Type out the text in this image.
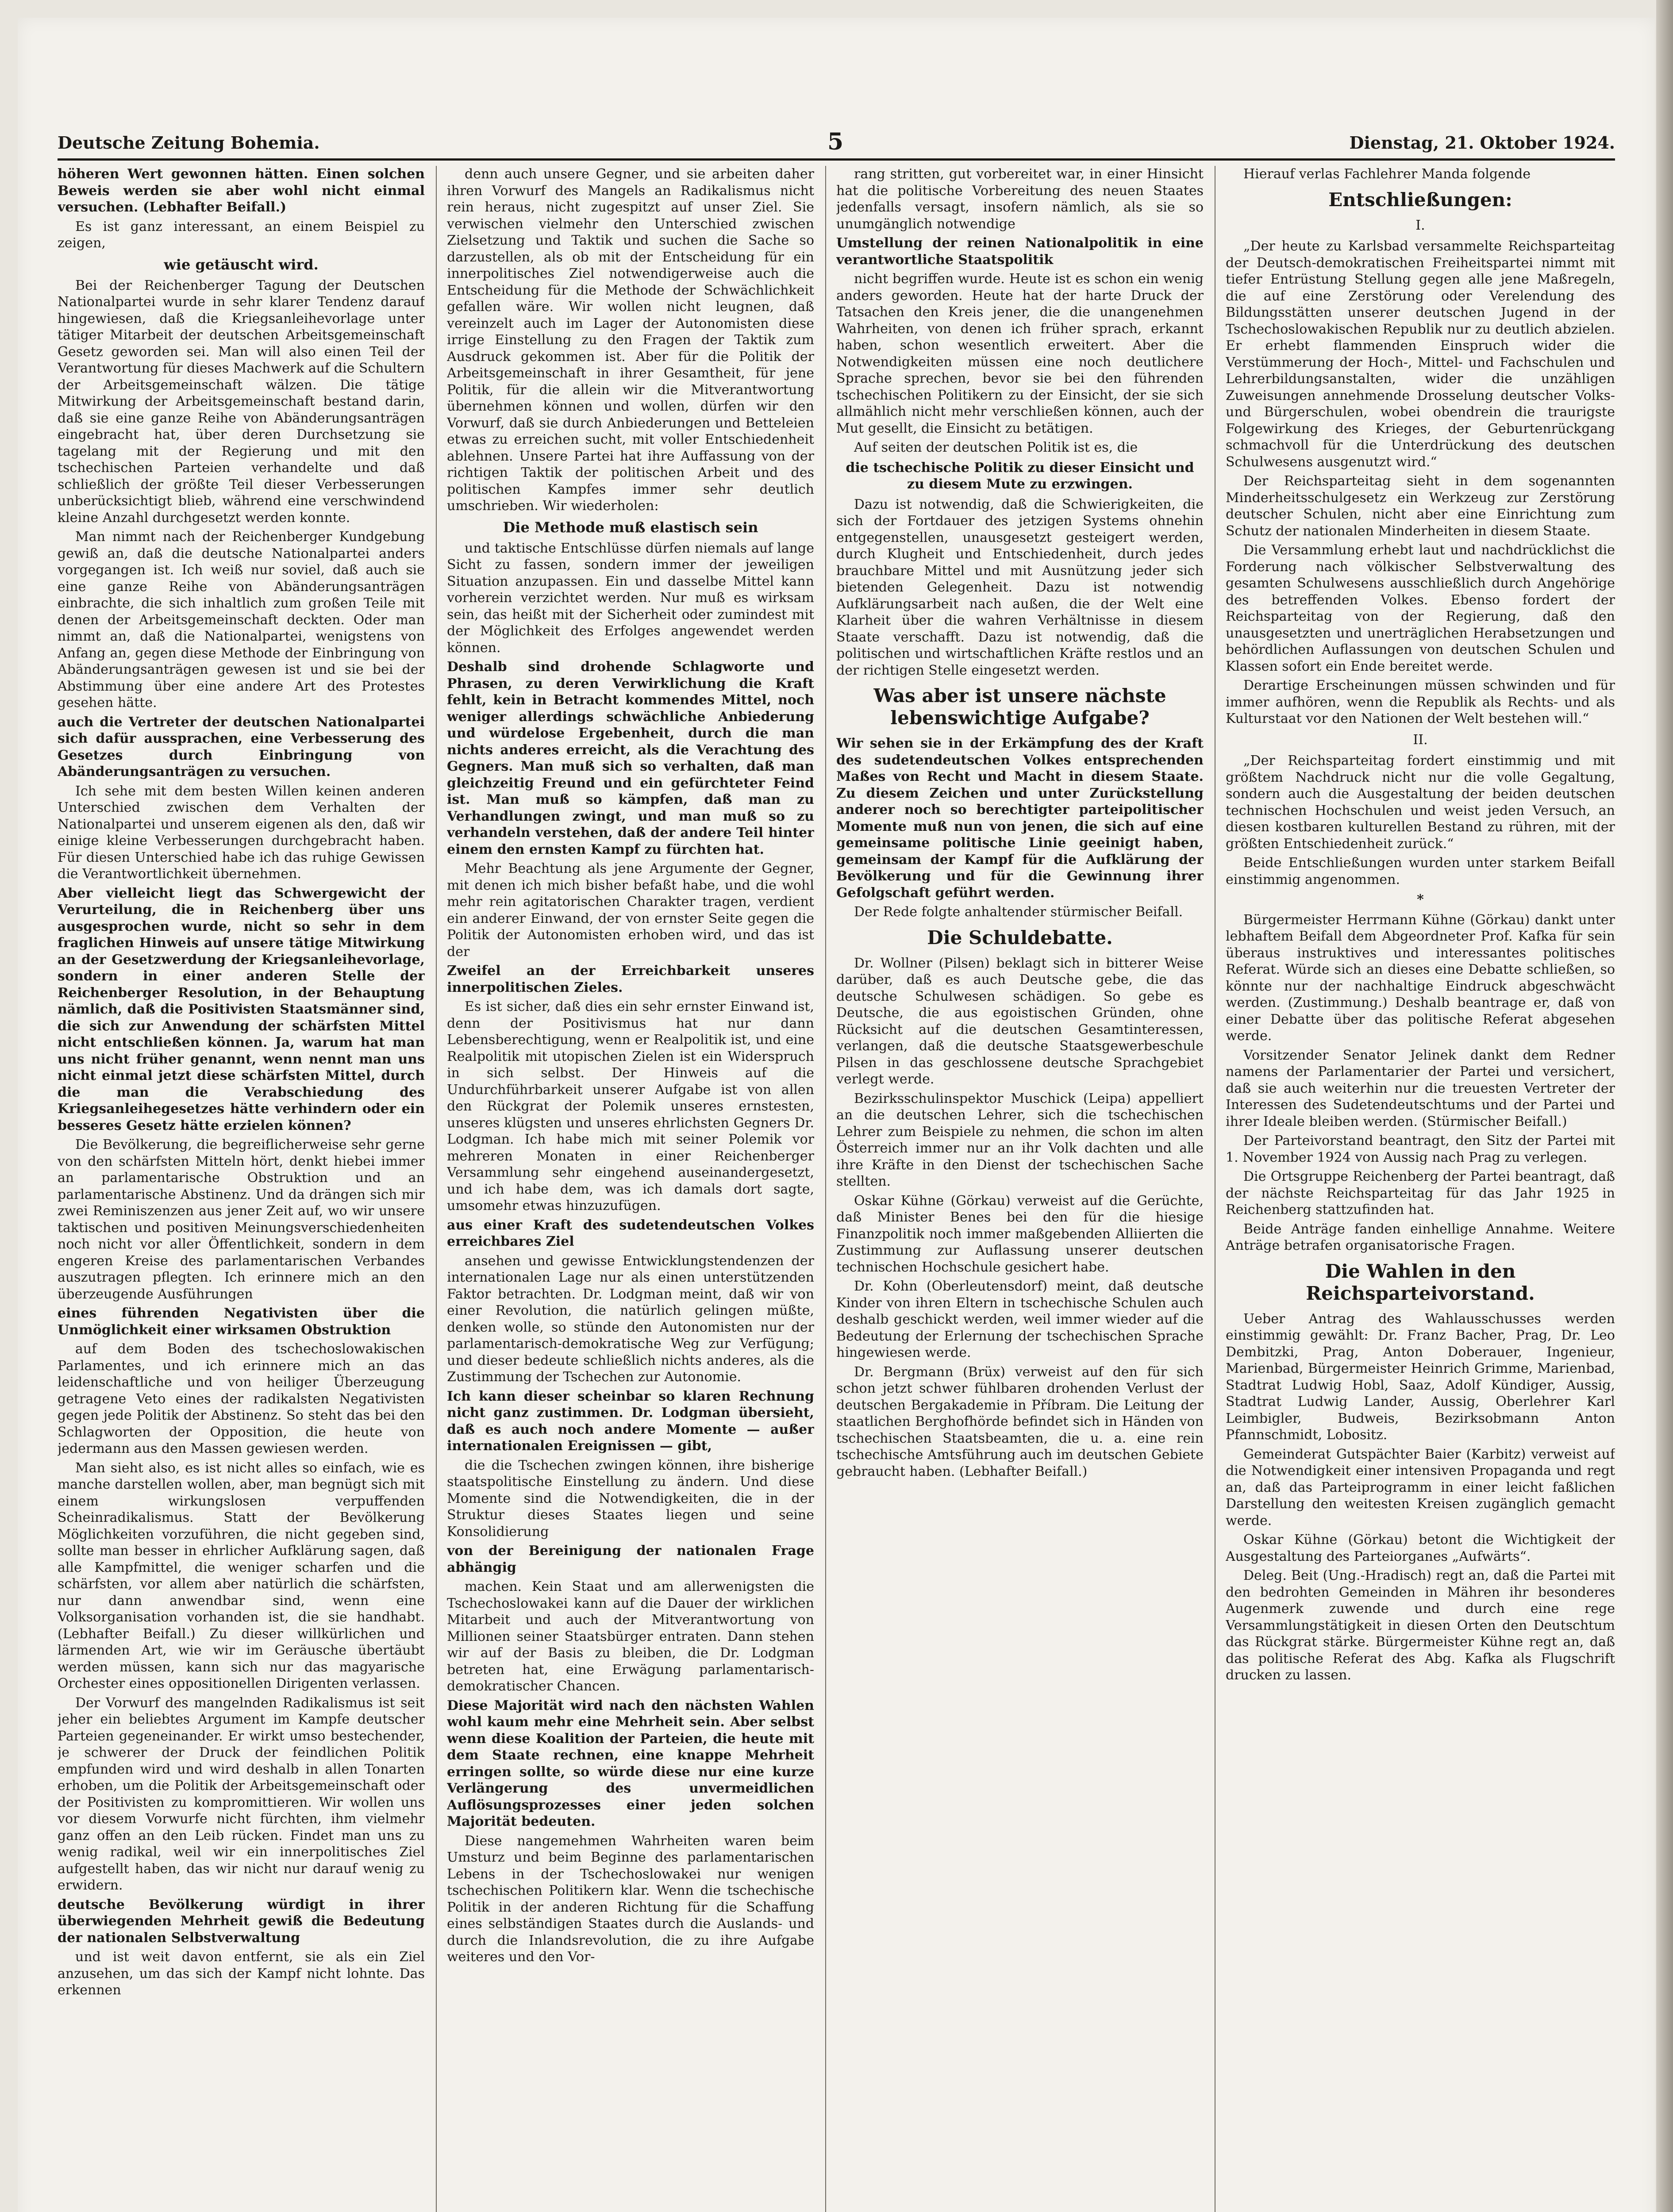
Deutsche Zeitung Bohemia.	5	Dienstag, 21. Oktober 1924.

höheren Wert gewonnen hätten. Einen solchen Beweis werden sie aber wohl nicht einmal versuchen. (Lebhafter Beifall.)

Es ist ganz interessant, an einem Beispiel zu zeigen,

wie getäuscht wird.

Bei der Reichenberger Tagung der Deutschen Nationalpartei wurde in sehr klarer Tendenz darauf hingewiesen, daß die Kriegsanleihevorlage unter tätiger Mitarbeit der deutschen Arbeitsgemeinschaft Gesetz geworden sei. Man will also einen Teil der Verantwortung für dieses Machwerk auf die Schultern der Arbeitsgemeinschaft wälzen. Die tätige Mitwirkung der Arbeitsgemeinschaft bestand darin, daß sie eine ganze Reihe von Abänderungsanträgen eingebracht hat, über deren Durchsetzung sie tagelang mit der Regierung und mit den tschechischen Parteien verhandelte und daß schließlich der größte Teil dieser Verbesserungen unberücksichtigt blieb, während eine verschwindend kleine Anzahl durchgesetzt werden konnte.

Man nimmt nach der Reichenberger Kundgebung gewiß an, daß die deutsche Nationalpartei anders vorgegangen ist. Ich weiß nur soviel, daß auch sie eine ganze Reihe von Abänderungsanträgen einbrachte, die sich inhaltlich zum großen Teile mit denen der Arbeitsgemeinschaft deckten. Oder man nimmt an, daß die Nationalpartei, wenigstens von Anfang an, gegen diese Methode der Einbringung von Abänderungsanträgen gewesen ist und sie bei der Abstimmung über eine andere Art des Protestes gesehen hätte.

auch die Vertreter der deutschen Nationalpartei sich dafür aussprachen, eine Verbesserung des Gesetzes durch Einbringung von Abänderungsanträgen zu versuchen.

Ich sehe mit dem besten Willen keinen anderen Unterschied zwischen dem Verhalten der Nationalpartei und unserem eigenen als den, daß wir einige kleine Verbesserungen durchgebracht haben. Für diesen Unterschied habe ich das ruhige Gewissen die Verantwortlichkeit übernehmen.

Aber vielleicht liegt das Schwergewicht der Verurteilung, die in Reichenberg über uns ausgesprochen wurde, nicht so sehr in dem fraglichen Hinweis auf unsere tätige Mitwirkung an der Gesetzwerdung der Kriegsanleihevorlage, sondern in einer anderen Stelle der Reichenberger Resolution, in der Behauptung nämlich, daß die Positivisten Staatsmänner sind, die sich zur Anwendung der schärfsten Mittel nicht entschließen können. Ja, warum hat man uns nicht früher genannt, wenn nennt man uns nicht einmal jetzt diese schärfsten Mittel, durch die man die Verabschiedung des Kriegsanleihegesetzes hätte verhindern oder ein besseres Gesetz hätte erzielen können?

Die Bevölkerung, die begreiflicherweise sehr gerne von den schärfsten Mitteln hört, denkt hiebei immer an parlamentarische Obstruktion und an parlamentarische Abstinenz. Und da drängen sich mir zwei Reminiszenzen aus jener Zeit auf, wo wir unsere taktischen und positiven Meinungsverschiedenheiten noch nicht vor aller Öffentlichkeit, sondern in dem engeren Kreise des parlamentarischen Verbandes auszutragen pflegten. Ich erinnere mich an den überzeugende Ausführungen

eines führenden Negativisten über die Unmöglichkeit einer wirksamen Obstruktion

auf dem Boden des tschechoslowakischen Parlamentes, und ich erinnere mich an das leidenschaftliche und von heiliger Überzeugung getragene Veto eines der radikalsten Negativisten gegen jede Politik der Abstinenz. So steht das bei den Schlagworten der Opposition, die heute von jedermann aus den Massen gewiesen werden.

Man sieht also, es ist nicht alles so einfach, wie es manche darstellen wollen, aber, man begnügt sich mit einem wirkungslosen verpuffenden Scheinradikalismus. Statt der Bevölkerung Möglichkeiten vorzuführen, die nicht gegeben sind, sollte man besser in ehrlicher Aufklärung sagen, daß alle Kampfmittel, die weniger scharfen und die schärfsten, vor allem aber natürlich die schärfsten, nur dann anwendbar sind, wenn eine Volksorganisation vorhanden ist, die sie handhabt. (Lebhafter Beifall.) Zu dieser willkürlichen und lärmenden Art, wie wir im Geräusche übertäubt werden müssen, kann sich nur das magyarische Orchester eines oppositionellen Dirigenten verlassen.

Der Vorwurf des mangelnden Radikalismus ist seit jeher ein beliebtes Argument im Kampfe deutscher Parteien gegeneinander. Er wirkt umso bestechender, je schwerer der Druck der feindlichen Politik empfunden wird und wird deshalb in allen Tonarten erhoben, um die Politik der Arbeitsgemeinschaft oder der Positivisten zu kompromittieren. Wir wollen uns vor diesem Vorwurfe nicht fürchten, ihm vielmehr ganz offen an den Leib rücken. Findet man uns zu wenig radikal, weil wir ein innerpolitisches Ziel aufgestellt haben, das wir nicht nur darauf wenig zu erwidern.

deutsche Bevölkerung würdigt in ihrer überwiegenden Mehrheit gewiß die Bedeutung der nationalen Selbstverwaltung

und ist weit davon entfernt, sie als ein Ziel anzusehen, um das sich der Kampf nicht lohnte. Das erkennen

denn auch unsere Gegner, und sie arbeiten daher ihren Vorwurf des Mangels an Radikalismus nicht rein heraus, nicht zugespitzt auf unser Ziel. Sie verwischen vielmehr den Unterschied zwischen Zielsetzung und Taktik und suchen die Sache so darzustellen, als ob mit der Entscheidung für ein innerpolitisches Ziel notwendigerweise auch die Entscheidung für die Methode der Schwächlichkeit gefallen wäre. Wir wollen nicht leugnen, daß vereinzelt auch im Lager der Autonomisten diese irrige Einstellung zu den Fragen der Taktik zum Ausdruck gekommen ist. Aber für die Politik der Arbeitsgemeinschaft in ihrer Gesamtheit, für jene Politik, für die allein wir die Mitverantwortung übernehmen können und wollen, dürfen wir den Vorwurf, daß sie durch Anbiederungen und Betteleien etwas zu erreichen sucht, mit voller Entschiedenheit ablehnen. Unsere Partei hat ihre Auffassung von der richtigen Taktik der politischen Arbeit und des politischen Kampfes immer sehr deutlich umschrieben. Wir wiederholen:

Die Methode muß elastisch sein

und taktische Entschlüsse dürfen niemals auf lange Sicht zu fassen, sondern immer der jeweiligen Situation anzupassen. Ein und dasselbe Mittel kann vorherein verzichtet werden. Nur muß es wirksam sein, das heißt mit der Sicherheit oder zumindest mit der Möglichkeit des Erfolges angewendet werden können.

Deshalb sind drohende Schlagworte und Phrasen, zu deren Verwirklichung die Kraft fehlt, kein in Betracht kommendes Mittel, noch weniger allerdings schwächliche Anbiederung und würdelose Ergebenheit, durch die man nichts anderes erreicht, als die Verachtung des Gegners. Man muß sich so verhalten, daß man gleichzeitig Freund und ein gefürchteter Feind ist. Man muß so kämpfen, daß man zu Verhandlungen zwingt, und man muß so zu verhandeln verstehen, daß der andere Teil hinter einem den ernsten Kampf zu fürchten hat.

Mehr Beachtung als jene Argumente der Gegner, mit denen ich mich bisher befaßt habe, und die wohl mehr rein agitatorischen Charakter tragen, verdient ein anderer Einwand, der von ernster Seite gegen die Politik der Autonomisten erhoben wird, und das ist der

Zweifel an der Erreichbarkeit unseres innerpolitischen Zieles.

Es ist sicher, daß dies ein sehr ernster Einwand ist, denn der Positivismus hat nur dann Lebensberechtigung, wenn er Realpolitik ist, und eine Realpolitik mit utopischen Zielen ist ein Widerspruch in sich selbst. Der Hinweis auf die Undurchführbarkeit unserer Aufgabe ist von allen den Rückgrat der Polemik unseres ernstesten, unseres klügsten und unseres ehrlichsten Gegners Dr. Lodgman. Ich habe mich mit seiner Polemik vor mehreren Monaten in einer Reichenberger Versammlung sehr eingehend auseinandergesetzt, und ich habe dem, was ich damals dort sagte, umsomehr etwas hinzuzufügen.

aus einer Kraft des sudetendeutschen Volkes erreichbares Ziel

ansehen und gewisse Entwicklungstendenzen der internationalen Lage nur als einen unterstützenden Faktor betrachten. Dr. Lodgman meint, daß wir von einer Revolution, die natürlich gelingen müßte, denken wolle, so stünde den Autonomisten nur der parlamentarisch-demokratische Weg zur Verfügung; und dieser bedeute schließlich nichts anderes, als die Zustimmung der Tschechen zur Autonomie.

Ich kann dieser scheinbar so klaren Rechnung nicht ganz zustimmen. Dr. Lodgman übersieht, daß es auch noch andere Momente — außer internationalen Ereignissen — gibt,

die die Tschechen zwingen können, ihre bisherige staatspolitische Einstellung zu ändern. Und diese Momente sind die Notwendigkeiten, die in der Struktur dieses Staates liegen und seine Konsolidierung

von der Bereinigung der nationalen Frage abhängig

machen. Kein Staat und am allerwenigsten die Tschechoslowakei kann auf die Dauer der wirklichen Mitarbeit und auch der Mitverantwortung von Millionen seiner Staatsbürger entraten. Dann stehen wir auf der Basis zu bleiben, die Dr. Lodgman betreten hat, eine Erwägung parlamentarisch-demokratischer Chancen.

Diese Majorität wird nach den nächsten Wahlen wohl kaum mehr eine Mehrheit sein. Aber selbst wenn diese Koalition der Parteien, die heute mit dem Staate rechnen, eine knappe Mehrheit erringen sollte, so würde diese nur eine kurze Verlängerung des unvermeidlichen Auflösungsprozesses einer jeden solchen Majorität bedeuten.

Diese nangemehmen Wahrheiten waren beim Umsturz und beim Beginne des parlamentarischen Lebens in der Tschechoslowakei nur wenigen tschechischen Politikern klar. Wenn die tschechische Politik in der anderen Richtung für die Schaffung eines selbständigen Staates durch die Auslands- und durch die Inlandsrevolution, die zu ihre Aufgabe weiteres und den Vor-

rang stritten, gut vorbereitet war, in einer Hinsicht hat die politische Vorbereitung des neuen Staates jedenfalls versagt, insofern nämlich, als sie so unumgänglich notwendige

Umstellung der reinen Nationalpolitik in eine verantwortliche Staatspolitik

nicht begriffen wurde. Heute ist es schon ein wenig anders geworden. Heute hat der harte Druck der Tatsachen den Kreis jener, die die unangenehmen Wahrheiten, von denen ich früher sprach, erkannt haben, schon wesentlich erweitert. Aber die Notwendigkeiten müssen eine noch deutlichere Sprache sprechen, bevor sie bei den führenden tschechischen Politikern zu der Einsicht, der sie sich allmählich nicht mehr verschließen können, auch der Mut gesellt, die Einsicht zu betätigen.

Auf seiten der deutschen Politik ist es, die

die tschechische Politik zu dieser Einsicht und zu diesem Mute zu erzwingen.

Dazu ist notwendig, daß die Schwierigkeiten, die sich der Fortdauer des jetzigen Systems ohnehin entgegenstellen, unausgesetzt gesteigert werden, durch Klugheit und Entschiedenheit, durch jedes brauchbare Mittel und mit Ausnützung jeder sich bietenden Gelegenheit. Dazu ist notwendig Aufklärungsarbeit nach außen, die der Welt eine Klarheit über die wahren Verhältnisse in diesem Staate verschafft. Dazu ist notwendig, daß die politischen und wirtschaftlichen Kräfte restlos und an der richtigen Stelle eingesetzt werden.

Was aber ist unsere nächste lebenswichtige Aufgabe?

Wir sehen sie in der Erkämpfung des der Kraft des sudetendeutschen Volkes entsprechenden Maßes von Recht und Macht in diesem Staate. Zu diesem Zeichen und unter Zurückstellung anderer noch so berechtigter parteipolitischer Momente muß nun von jenen, die sich auf eine gemeinsame politische Linie geeinigt haben, gemeinsam der Kampf für die Aufklärung der Bevölkerung und für die Gewinnung ihrer Gefolgschaft geführt werden.

Der Rede folgte anhaltender stürmischer Beifall.

Die Schuldebatte.

Dr. Wollner (Pilsen) beklagt sich in bitterer Weise darüber, daß es auch Deutsche gebe, die das deutsche Schulwesen schädigen. So gebe es Deutsche, die aus egoistischen Gründen, ohne Rücksicht auf die deutschen Gesamtinteressen, verlangen, daß die deutsche Staatsgewerbeschule Pilsen in das geschlossene deutsche Sprachgebiet verlegt werde.

Bezirksschulinspektor Muschick (Leipa) appelliert an die deutschen Lehrer, sich die tschechischen Lehrer zum Beispiele zu nehmen, die schon im alten Österreich immer nur an ihr Volk dachten und alle ihre Kräfte in den Dienst der tschechischen Sache stellten.

Oskar Kühne (Görkau) verweist auf die Gerüchte, daß Minister Benes bei den für die hiesige Finanzpolitik noch immer maßgebenden Alliierten die Zustimmung zur Auflassung unserer deutschen technischen Hochschule gesichert habe.

Dr. Kohn (Oberleutensdorf) meint, daß deutsche Kinder von ihren Eltern in tschechische Schulen auch deshalb geschickt werden, weil immer wieder auf die Bedeutung der Erlernung der tschechischen Sprache hingewiesen werde.

Dr. Bergmann (Brüx) verweist auf den für sich schon jetzt schwer fühlbaren drohenden Verlust der deutschen Bergakademie in Příbram. Die Leitung der staatlichen Berghofhörde befindet sich in Händen von tschechischen Staatsbeamten, die u. a. eine rein tschechische Amtsführung auch im deutschen Gebiete gebraucht haben. (Lebhafter Beifall.)

Hierauf verlas Fachlehrer Manda folgende

Entschließungen:
I.

„Der heute zu Karlsbad versammelte Reichsparteitag der Deutsch-demokratischen Freiheitspartei nimmt mit tiefer Entrüstung Stellung gegen alle jene Maßregeln, die auf eine Zerstörung oder Verelendung des Bildungsstätten unserer deutschen Jugend in der Tschechoslowakischen Republik nur zu deutlich abzielen. Er erhebt flammenden Einspruch wider die Verstümmerung der Hoch-, Mittel- und Fachschulen und Lehrerbildungsanstalten, wider die unzähligen Zuweisungen annehmende Drosselung deutscher Volks- und Bürgerschulen, wobei obendrein die traurigste Folgewirkung des Krieges, der Geburtenrückgang schmachvoll für die Unterdrückung des deutschen Schulwesens ausgenutzt wird.“

Der Reichsparteitag sieht in dem sogenannten Minderheitsschulgesetz ein Werkzeug zur Zerstörung deutscher Schulen, nicht aber eine Einrichtung zum Schutz der nationalen Minderheiten in diesem Staate.

Die Versammlung erhebt laut und nachdrücklichst die Forderung nach völkischer Selbstverwaltung des gesamten Schulwesens ausschließlich durch Angehörige des betreffenden Volkes. Ebenso fordert der Reichsparteitag von der Regierung, daß den unausgesetzten und unerträglichen Herabsetzungen und behördlichen Auflassungen von deutschen Schulen und Klassen sofort ein Ende bereitet werde.

Derartige Erscheinungen müssen schwinden und für immer aufhören, wenn die Republik als Rechts- und als Kulturstaat vor den Nationen der Welt bestehen will.“

II.

„Der Reichsparteitag fordert einstimmig und mit größtem Nachdruck nicht nur die volle Gegaltung, sondern auch die Ausgestaltung der beiden deutschen technischen Hochschulen und weist jeden Versuch, an diesen kostbaren kulturellen Bestand zu rühren, mit der größten Entschiedenheit zurück.“

Beide Entschließungen wurden unter starkem Beifall einstimmig angenommen.

*

Bürgermeister Herrmann Kühne (Görkau) dankt unter lebhaftem Beifall dem Abgeordneter Prof. Kafka für sein überaus instruktives und interessantes politisches Referat. Würde sich an dieses eine Debatte schließen, so könnte nur der nachhaltige Eindruck abgeschwächt werden. (Zustimmung.) Deshalb beantrage er, daß von einer Debatte über das politische Referat abgesehen werde.

Vorsitzender Senator Jelinek dankt dem Redner namens der Parlamentarier der Partei und versichert, daß sie auch weiterhin nur die treuesten Vertreter der Interessen des Sudetendeutschtums und der Partei und ihrer Ideale bleiben werden. (Stürmischer Beifall.)

Der Parteivorstand beantragt, den Sitz der Partei mit 1. November 1924 von Aussig nach Prag zu verlegen.

Die Ortsgruppe Reichenberg der Partei beantragt, daß der nächste Reichsparteitag für das Jahr 1925 in Reichenberg stattzufinden hat.

Beide Anträge fanden einhellige Annahme. Weitere Anträge betrafen organisatorische Fragen.

Die Wahlen in den Reichsparteivorstand.

Ueber Antrag des Wahlausschusses werden einstimmig gewählt: Dr. Franz Bacher, Prag, Dr. Leo Dembitzki, Prag, Anton Doberauer, Ingenieur, Marienbad, Bürgermeister Heinrich Grimme, Marienbad, Stadtrat Ludwig Hobl, Saaz, Adolf Kündiger, Aussig, Stadtrat Ludwig Lander, Aussig, Oberlehrer Karl Leimbigler, Budweis, Bezirksobmann Anton Pfannschmidt, Lobositz.

Gemeinderat Gutspächter Baier (Karbitz) verweist auf die Notwendigkeit einer intensiven Propaganda und regt an, daß das Parteiprogramm in einer leicht faßlichen Darstellung den weitesten Kreisen zugänglich gemacht werde.

Oskar Kühne (Görkau) betont die Wichtigkeit der Ausgestaltung des Parteiorganes „Aufwärts“.

Deleg. Beit (Ung.-Hradisch) regt an, daß die Partei mit den bedrohten Gemeinden in Mähren ihr besonderes Augenmerk zuwende und durch eine rege Versammlungstätigkeit in diesen Orten den Deutschtum das Rückgrat stärke. Bürgermeister Kühne regt an, daß das politische Referat des Abg. Kafka als Flugschrift drucken zu lassen.
